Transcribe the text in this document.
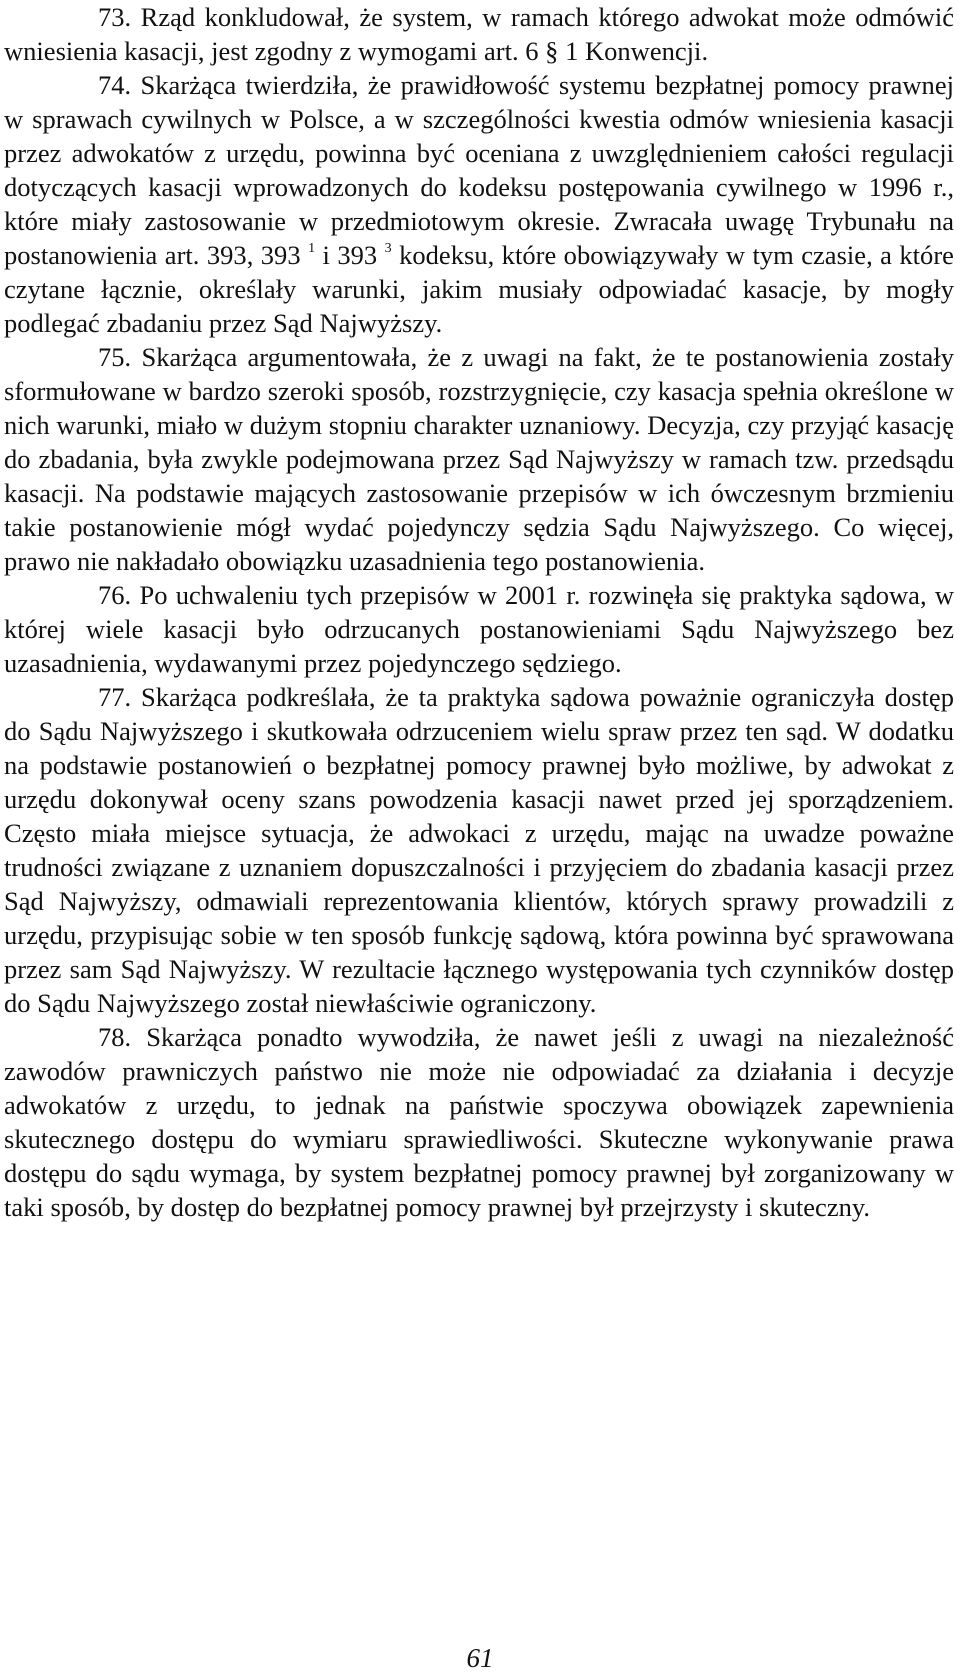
73. Rząd konkludował, że system, w ramach którego adwokat może odmówić wniesienia kasacji, jest zgodny z wymogami art. 6 § 1 Konwencji.

74. Skarżąca twierdziła, że prawidłowość systemu bezpłatnej pomocy prawnej w sprawach cywilnych w Polsce, a w szczególności kwestia odmów wniesienia kasacji przez adwokatów z urzędu, powinna być oceniana z uwzględnieniem całości regulacji dotyczących kasacji wprowadzonych do kodeksu postępowania cywilnego w 1996 r., które miały zastosowanie w przedmiotowym okresie. Zwracała uwagę Trybunału na postanowienia art. 393, 393 $^1$ i 393 $^3$ kodeksu, które obowiązywały w tym czasie, a które czytane łącznie, określały warunki, jakim musiały odpowiadać kasacje, by mogły podlegać zbadaniu przez Sąd Najwyższy.

75. Skarżąca argumentowała, że z uwagi na fakt, że te postanowienia zostały sformułowane w bardzo szeroki sposób, rozstrzygnięcie, czy kasacja spełnia określone w nich warunki, miało w dużym stopniu charakter uznaniowy. Decyzja, czy przyjąć kasację do zbadania, była zwykle podejmowana przez Sąd Najwyższy w ramach tzw. przedsądu kasacji. Na podstawie mających zastosowanie przepisów w ich ówczesnym brzmieniu takie postanowienie mógł wydać pojedynczy sędzia Sądu Najwyższego. Co więcej, prawo nie nakładało obowiązku uzasadnienia tego postanowienia.

76. Po uchwaleniu tych przepisów w 2001 r. rozwinęła się praktyka sądowa, w której wiele kasacji było odrzucanych postanowieniami Sądu Najwyższego bez uzasadnienia, wydawanymi przez pojedynczego sędziego.

77. Skarżąca podkreślała, że ta praktyka sądowa poważnie ograniczyła dostęp do Sądu Najwyższego i skutkowała odrzuceniem wielu spraw przez ten sąd. W dodatku na podstawie postanowień o bezpłatnej pomocy prawnej było możliwe, by adwokat z urzędu dokonywał oceny szans powodzenia kasacji nawet przed jej sporządzeniem. Często miała miejsce sytuacja, że adwokaci z urzędu, mając na uwadze poważne trudności związane z uznaniem dopuszczalności i przyjęciem do zbadania kasacji przez Sąd Najwyższy, odmawiali reprezentowania klientów, których sprawy prowadzili z urzędu, przypisując sobie w ten sposób funkcję sądową, która powinna być sprawowana przez sam Sąd Najwyższy. W rezultacie łącznego występowania tych czynników dostęp do Sądu Najwyższego został niewłaściwie ograniczony.

78. Skarżąca ponadto wywodziła, że nawet jeśli z uwagi na niezależność zawodów prawniczych państwo nie może nie odpowiadać za działania i decyzje adwokatów z urzędu, to jednak na państwie spoczywa obowiązek zapewnienia skutecznego dostępu do wymiaru sprawiedliwości. Skuteczne wykonywanie prawa dostępu do sądu wymaga, by system bezpłatnej pomocy prawnej był zorganizowany w taki sposób, by dostęp do bezpłatnej pomocy prawnej był przejrzysty i skuteczny.

61
